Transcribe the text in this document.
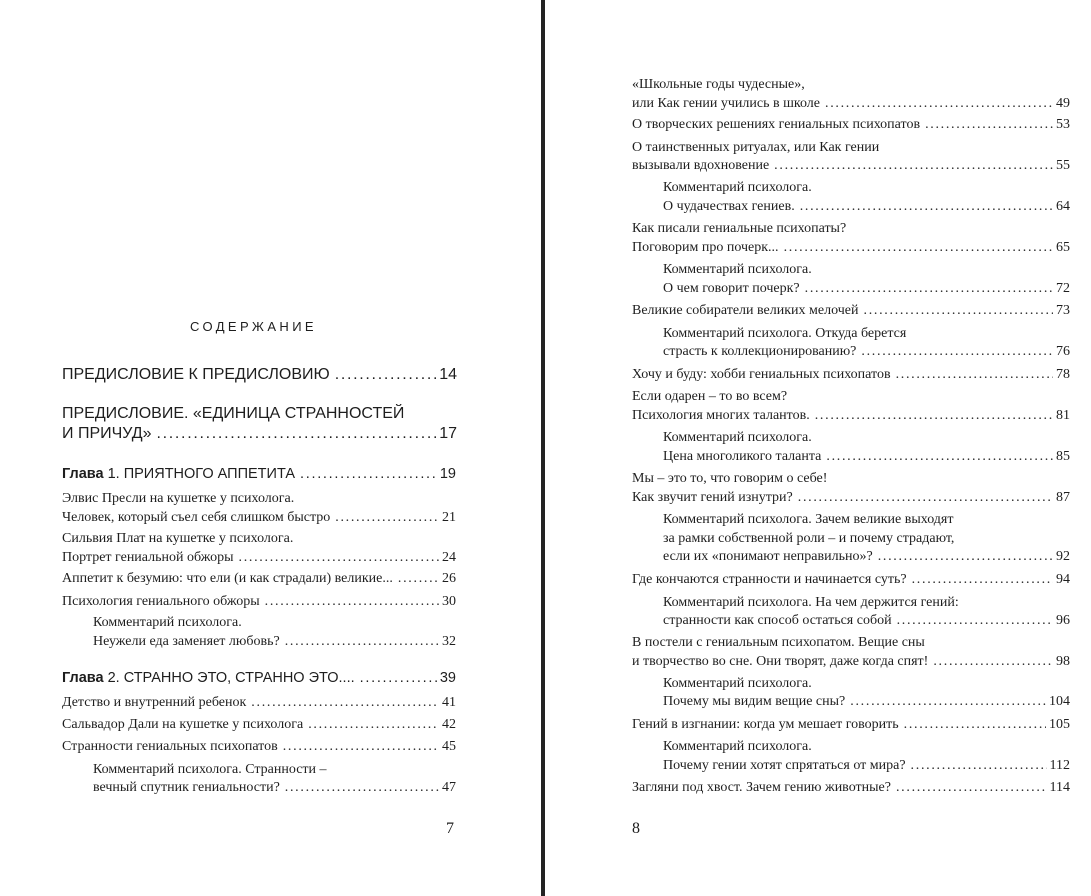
СОДЕРЖАНИЕ
ПРЕДИСЛОВИЕ К ПРЕДИСЛОВИЮ .....	14
ПРЕДИСЛОВИЕ. «ЕДИНИЦА СТРАННОСТЕЙ
И ПРИЧУД» .....	17
Глава 1. ПРИЯТНОГО АППЕТИТА .....	19
Элвис Пресли на кушетке у психолога.
Человек, который съел себя слишком быстро .....	21
Сильвия Плат на кушетке у психолога.
Портрет гениальной обжоры .....	24
Аппетит к безумию: что ели (и как страдали) великие... .....	26
Психология гениального обжоры .....	30
Комментарий психолога.
Неужели еда заменяет любовь? .....	32
Глава 2. СТРАННО ЭТО, СТРАННО ЭТО.... .....	39
Детство и внутренний ребенок .....	41
Сальвадор Дали на кушетке у психолога .....	42
Странности гениальных психопатов .....	45
Комментарий психолога. Странности –
вечный спутник гениальности? .....	47
7
«Школьные годы чудесные»,
или Как гении учились в школе .....	49
О творческих решениях гениальных психопатов .....	53
О таинственных ритуалах, или Как гении
вызывали вдохновение .....	55
Комментарий психолога.
О чудачествах гениев. .....	64
Как писали гениальные психопаты?
Поговорим про почерк... .....	65
Комментарий психолога.
О чем говорит почерк? .....	72
Великие собиратели великих мелочей .....	73
Комментарий психолога. Откуда берется
страсть к коллекционированию? .....	76
Хочу и буду: хобби гениальных психопатов .....	78
Если одарен – то во всем?
Психология многих талантов. .....	81
Комментарий психолога.
Цена многоликого таланта .....	85
Мы – это то, что говорим о себе!
Как звучит гений изнутри? .....	87
Комментарий психолога. Зачем великие выходят
за рамки собственной роли – и почему страдают,
если их «понимают неправильно»? .....	92
Где кончаются странности и начинается суть? .....	94
Комментарий психолога. На чем держится гений:
странности как способ остаться собой .....	96
В постели с гениальным психопатом. Вещие сны
и творчество во сне. Они творят, даже когда спят! .....	98
Комментарий психолога.
Почему мы видим вещие сны? .....	104
Гений в изгнании: когда ум мешает говорить .....	105
Комментарий психолога.
Почему гении хотят спрятаться от мира? .....	112
Загляни под хвост. Зачем гению животные? .....	114
8
